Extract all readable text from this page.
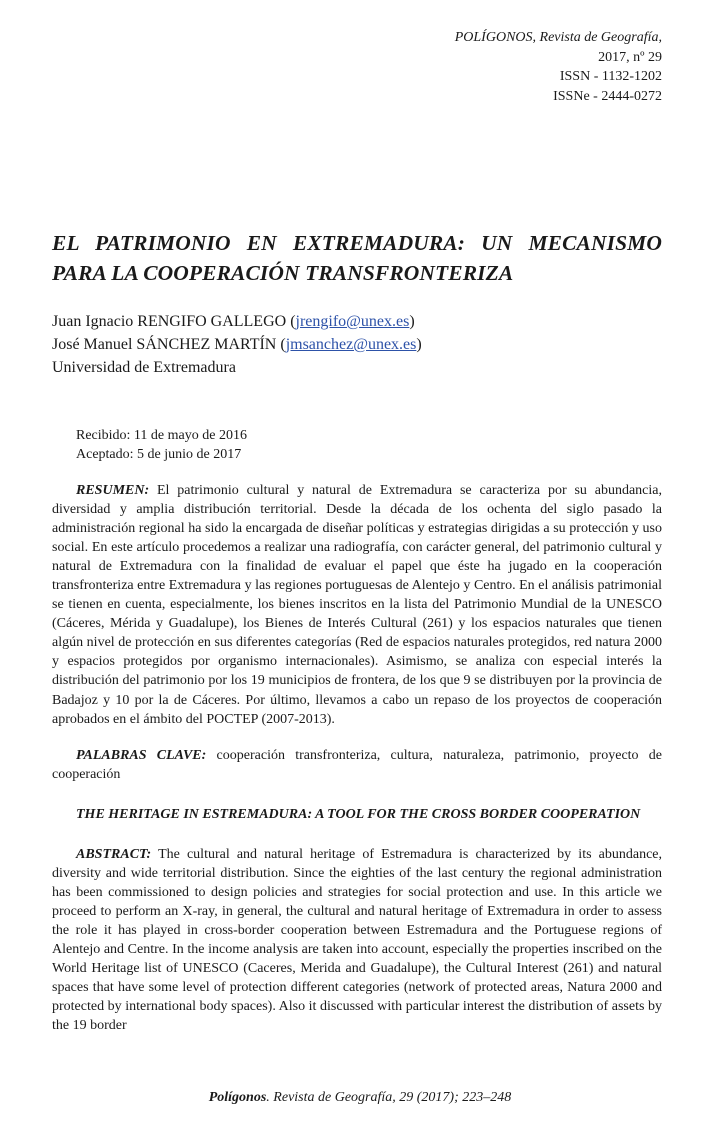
POLÍGONOS, Revista de Geografía,
2017, nº 29
ISSN - 1132-1202
ISSNe - 2444-0272
EL PATRIMONIO EN EXTREMADURA: UN MECANISMO PARA LA COOPERACIÓN TRANSFRONTERIZA
Juan Ignacio RENGIFO GALLEGO (jrengifo@unex.es)
José Manuel SÁNCHEZ MARTÍN (jmsanchez@unex.es)
Universidad de Extremadura
Recibido: 11 de mayo de 2016
Aceptado: 5 de junio de 2017
RESUMEN: El patrimonio cultural y natural de Extremadura se caracteriza por su abundancia, diversidad y amplia distribución territorial. Desde la década de los ochenta del siglo pasado la administración regional ha sido la encargada de diseñar políticas y estrategias dirigidas a su protección y uso social. En este artículo procedemos a realizar una radiografía, con carácter general, del patrimonio cultural y natural de Extremadura con la finalidad de evaluar el papel que éste ha jugado en la cooperación transfronteriza entre Extremadura y las regiones portuguesas de Alentejo y Centro. En el análisis patrimonial se tienen en cuenta, especialmente, los bienes inscritos en la lista del Patrimonio Mundial de la UNESCO (Cáceres, Mérida y Guadalupe), los Bienes de Interés Cultural (261) y los espacios naturales que tienen algún nivel de protección en sus diferentes categorías (Red de espacios naturales protegidos, red natura 2000 y espacios protegidos por organismo internacionales). Asimismo, se analiza con especial interés la distribución del patrimonio por los 19 municipios de frontera, de los que 9 se distribuyen por la provincia de Badajoz y 10 por la de Cáceres. Por último, llevamos a cabo un repaso de los proyectos de cooperación aprobados en el ámbito del POCTEP (2007-2013).
PALABRAS CLAVE: cooperación transfronteriza, cultura, naturaleza, patrimonio, proyecto de cooperación
THE HERITAGE IN ESTREMADURA: A TOOL FOR THE CROSS BORDER COOPERATION
ABSTRACT: The cultural and natural heritage of Estremadura is characterized by its abundance, diversity and wide territorial distribution. Since the eighties of the last century the regional administration has been commissioned to design policies and strategies for social protection and use. In this article we proceed to perform an X-ray, in general, the cultural and natural heritage of Extremadura in order to assess the role it has played in cross-border cooperation between Estremadura and the Portuguese regions of Alentejo and Centre. In the income analysis are taken into account, especially the properties inscribed on the World Heritage list of UNESCO (Caceres, Merida and Guadalupe), the Cultural Interest (261) and natural spaces that have some level of protection different categories (network of protected areas, Natura 2000 and protected by international body spaces). Also it discussed with particular interest the distribution of assets by the 19 border
Polígonos. Revista de Geografía, 29 (2017); 223–248
